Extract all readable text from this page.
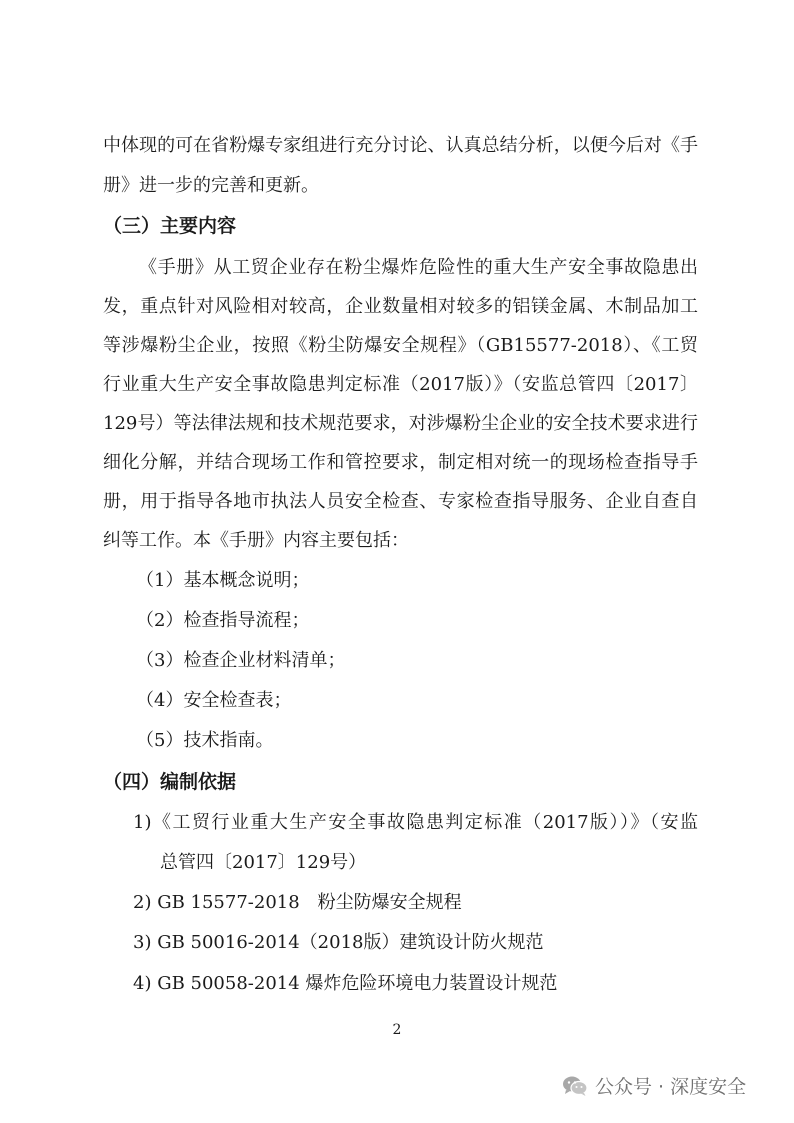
中体现的可在省粉爆专家组进行充分讨论、认真总结分析，以便今后对《手
册》进一步的完善和更新。
（三）主要内容
《手册》从工贸企业存在粉尘爆炸危险性的重大生产安全事故隐患出
发，重点针对风险相对较高，企业数量相对较多的铝镁金属、木制品加工
等涉爆粉尘企业，按照《粉尘防爆安全规程》（GB15577-2018）、《工贸
行业重大生产安全事故隐患判定标准（2017版）》（安监总管四〔2017〕
129号）等法律法规和技术规范要求，对涉爆粉尘企业的安全技术要求进行
细化分解，并结合现场工作和管控要求，制定相对统一的现场检查指导手
册，用于指导各地市执法人员安全检查、专家检查指导服务、企业自查自
纠等工作。本《手册》内容主要包括：
（1）基本概念说明；
（2）检查指导流程；
（3）检查企业材料清单；
（4）安全检查表；
（5）技术指南。
（四）编制依据
1)《工贸行业重大生产安全事故隐患判定标准（2017版））》（安监
总管四〔2017〕129号）
2) GB 15577-2018　粉尘防爆安全规程
3) GB 50016-2014（2018版）建筑设计防火规范
4) GB 50058-2014 爆炸危险环境电力装置设计规范
2
公众号 · 深度安全
